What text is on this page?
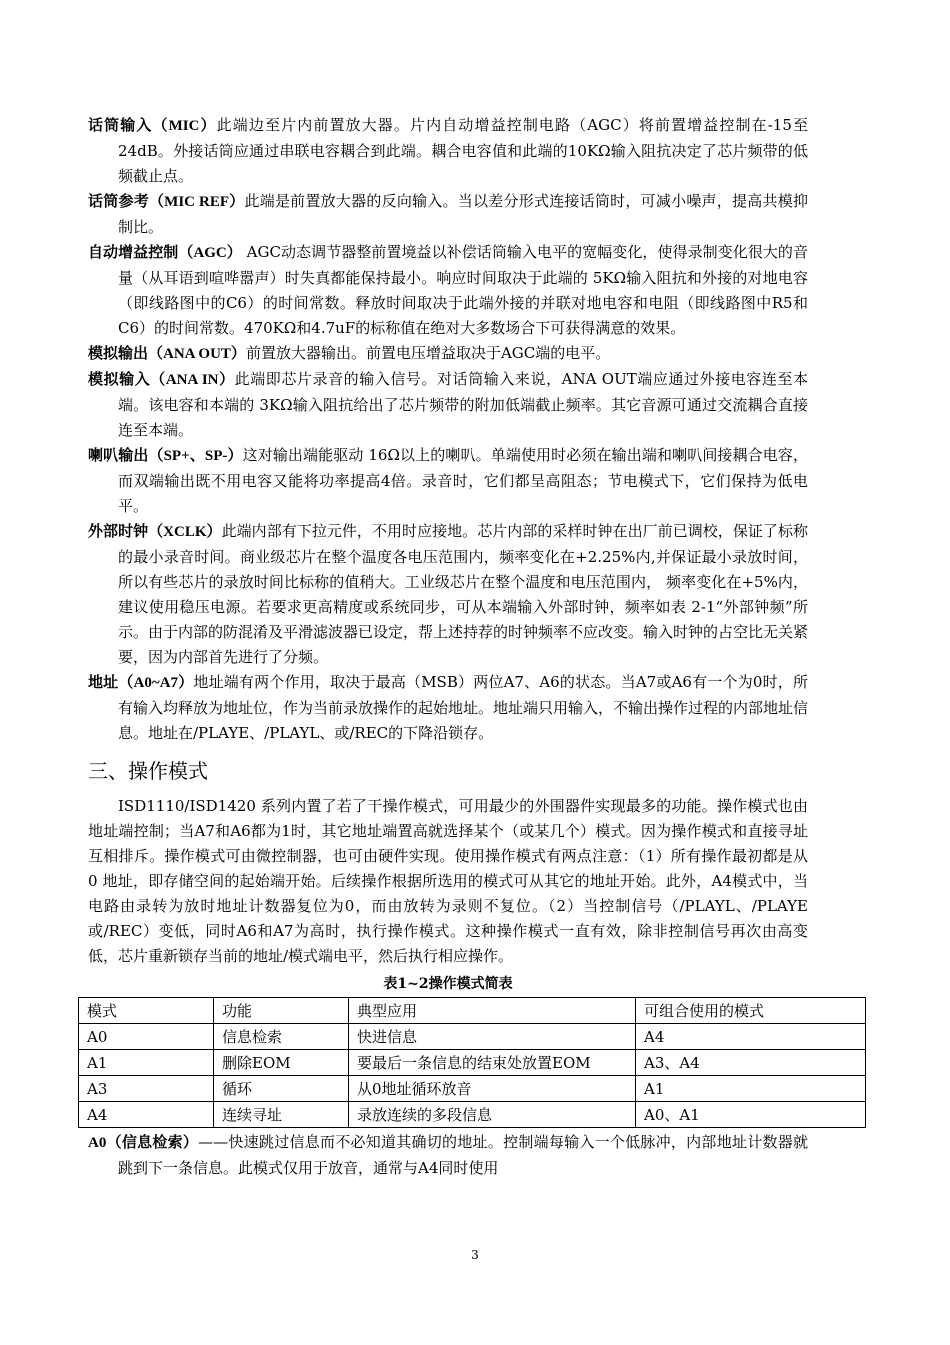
话筒输入（MIC）此端边至片内前置放大器。片内自动增益控制电路（AGC）将前置增益控制在-15至24dB。外接话筒应通过串联电容耦合到此端。耦合电容值和此端的10KΩ输入阻抗决定了芯片频带的低频截止点。

话筒参考（MIC REF）此端是前置放大器的反向输入。当以差分形式连接话筒时，可减小噪声，提高共模抑制比。

自动增益控制（AGC） AGC动态调节器整前置境益以补偿话筒输入电平的宽幅变化，使得录制变化很大的音量（从耳语到喧哗嚣声）时失真都能保持最小。响应时间取决于此端的 5KΩ输入阻抗和外接的对地电容（即线路图中的C6）的时间常数。释放时间取决于此端外接的并联对地电容和电阻（即线路图中R5和C6）的时间常数。470KΩ和4.7uF的标称值在绝对大多数场合下可获得满意的效果。

模拟输出（ANA OUT）前置放大器输出。前置电压增益取决于AGC端的电平。

模拟输入（ANA IN）此端即芯片录音的输入信号。对话筒输入来说，ANA OUT端应通过外接电容连至本端。该电容和本端的 3KΩ输入阻抗给出了芯片频带的附加低端截止频率。其它音源可通过交流耦合直接连至本端。

喇叭输出（SP+、SP-）这对输出端能驱动 16Ω以上的喇叭。单端使用时必须在输出端和喇叭间接耦合电容，而双端输出既不用电容又能将功率提高4倍。录音时，它们都呈高阻态；节电模式下，它们保持为低电平。

外部时钟（XCLK）此端内部有下拉元件，不用时应接地。芯片内部的采样时钟在出厂前已调校，保证了标称的最小录音时间。商业级芯片在整个温度各电压范围内，频率变化在+2.25%内,并保证最小录放时间，所以有些芯片的录放时间比标称的值稍大。工业级芯片在整个温度和电压范围内， 频率变化在+5%内，建议使用稳压电源。若要求更高精度或系统同步，可从本端输入外部时钟，频率如表 2-1“外部钟频”所示。由于内部的防混淆及平滑滤波器已设定，帮上述持荐的时钟频率不应改变。输入时钟的占空比无关紧要，因为内部首先进行了分频。

地址（A0~A7）地址端有两个作用，取决于最高（MSB）两位A7、A6的状态。当A7或A6有一个为0时，所有输入均释放为地址位，作为当前录放操作的起始地址。地址端只用输入，不输出操作过程的内部地址信息。地址在/PLAYE、/PLAYL、或/REC的下降沿锁存。

三、操作模式

ISD1110/ISD1420 系列内置了若了干操作模式，可用最少的外围器件实现最多的功能。操作模式也由地址端控制；当A7和A6都为1时，其它地址端置高就选择某个（或某几个）模式。因为操作模式和直接寻址互相排斥。操作模式可由微控制器，也可由硬件实现。使用操作模式有两点注意：（1）所有操作最初都是从 0 地址，即存储空间的起始端开始。后续操作根据所选用的模式可从其它的地址开始。此外，A4模式中，当电路由录转为放时地址计数器复位为0，而由放转为录则不复位。（2）当控制信号（/PLAYL、/PLAYE或/REC）变低，同时A6和A7为高时，执行操作模式。这种操作模式一直有效，除非控制信号再次由高变低，芯片重新锁存当前的地址/模式端电平，然后执行相应操作。

表1~2操作模式简表
模式	功能	典型应用	可组合使用的模式
A0	信息检索	快进信息	A4
A1	删除EOM	要最后一条信息的结束处放置EOM	A3、A4
A3	循环	从0地址循环放音	A1
A4	连续寻址	录放连续的多段信息	A0、A1

A0（信息检索）——快速跳过信息而不必知道其确切的地址。控制端每输入一个低脉冲，内部地址计数器就跳到下一条信息。此模式仅用于放音，通常与A4同时使用

3
